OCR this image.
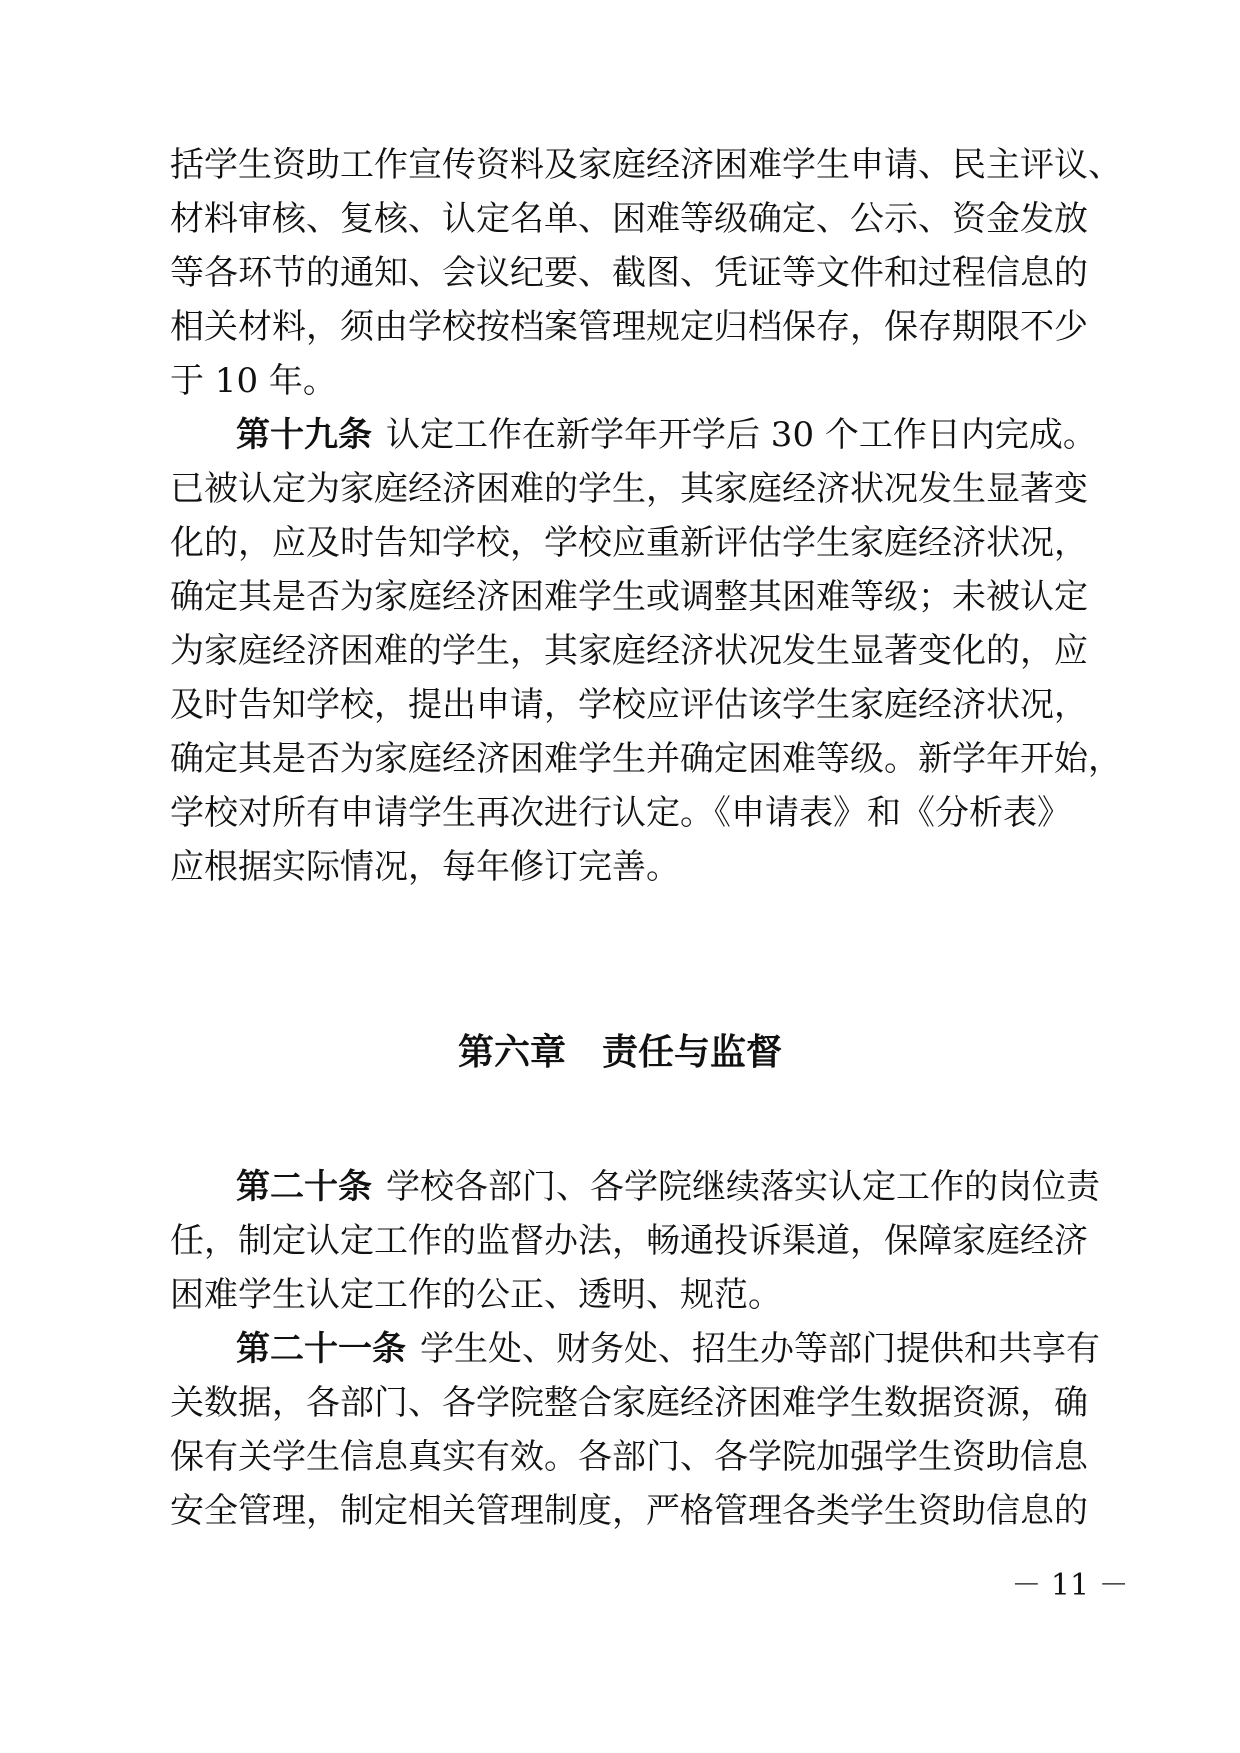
括学生资助工作宣传资料及家庭经济困难学生申请、民主评议、
材料审核、复核、认定名单、困难等级确定、公示、资金发放
等各环节的通知、会议纪要、截图、凭证等文件和过程信息的
相关材料，须由学校按档案管理规定归档保存，保存期限不少
于 10 年。
第十九条 认定工作在新学年开学后 30 个工作日内完成。
已被认定为家庭经济困难的学生，其家庭经济状况发生显著变
化的，应及时告知学校，学校应重新评估学生家庭经济状况，
确定其是否为家庭经济困难学生或调整其困难等级；未被认定
为家庭经济困难的学生，其家庭经济状况发生显著变化的，应
及时告知学校，提出申请，学校应评估该学生家庭经济状况，
确定其是否为家庭经济困难学生并确定困难等级。新学年开始，
学校对所有申请学生再次进行认定。《申请表》和《分析表》
应根据实际情况，每年修订完善。
第六章　责任与监督
第二十条 学校各部门、各学院继续落实认定工作的岗位责
任，制定认定工作的监督办法，畅通投诉渠道，保障家庭经济
困难学生认定工作的公正、透明、规范。
第二十一条 学生处、财务处、招生办等部门提供和共享有
关数据，各部门、各学院整合家庭经济困难学生数据资源，确
保有关学生信息真实有效。各部门、各学院加强学生资助信息
安全管理，制定相关管理制度，严格管理各类学生资助信息的
－ 11 －
